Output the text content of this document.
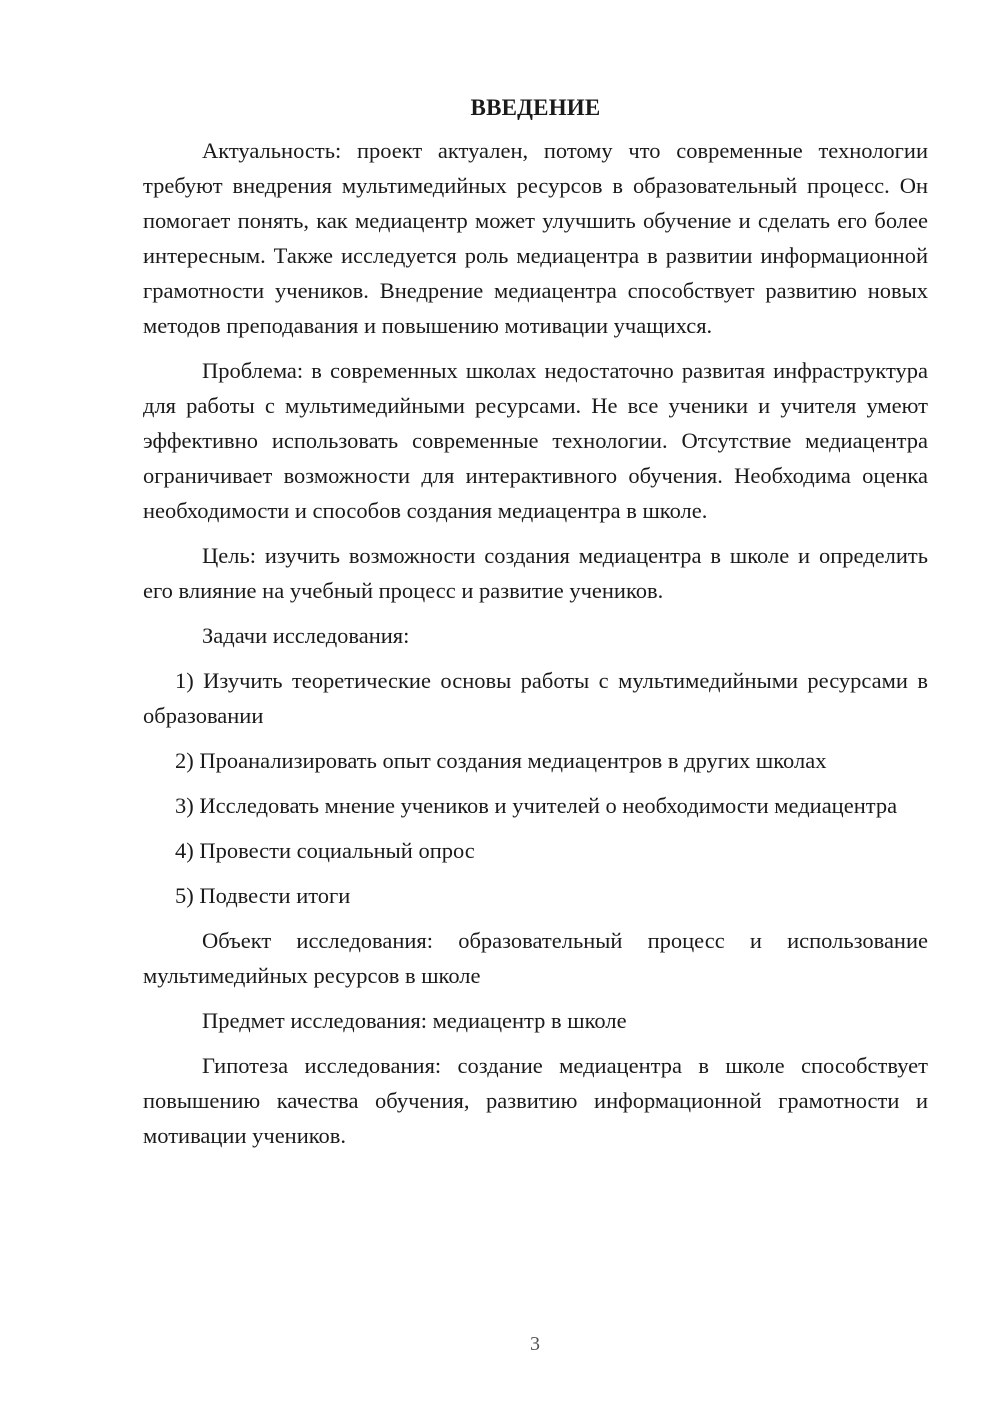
ВВЕДЕНИЕ

Актуальность: проект актуален, потому что современные технологии требуют внедрения мультимедийных ресурсов в образовательный процесс. Он помогает понять, как медиацентр может улучшить обучение и сделать его более интересным. Также исследуется роль медиацентра в развитии информационной грамотности учеников. Внедрение медиацентра способствует развитию новых методов преподавания и повышению мотивации учащихся.

Проблема: в современных школах недостаточно развитая инфраструктура для работы с мультимедийными ресурсами. Не все ученики и учителя умеют эффективно использовать современные технологии. Отсутствие медиацентра ограничивает возможности для интерактивного обучения. Необходима оценка необходимости и способов создания медиацентра в школе.

Цель: изучить возможности создания медиацентра в школе и определить его влияние на учебный процесс и развитие учеников.

Задачи исследования:

1) Изучить теоретические основы работы с мультимедийными ресурсами в образовании

2) Проанализировать опыт создания медиацентров в других школах

3) Исследовать мнение учеников и учителей о необходимости медиацентра

4) Провести социальный опрос

5) Подвести итоги

Объект исследования: образовательный процесс и использование мультимедийных ресурсов в школе

Предмет исследования: медиацентр в школе

Гипотеза исследования: создание медиацентра в школе способствует повышению качества обучения, развитию информационной грамотности и мотивации учеников.

3
